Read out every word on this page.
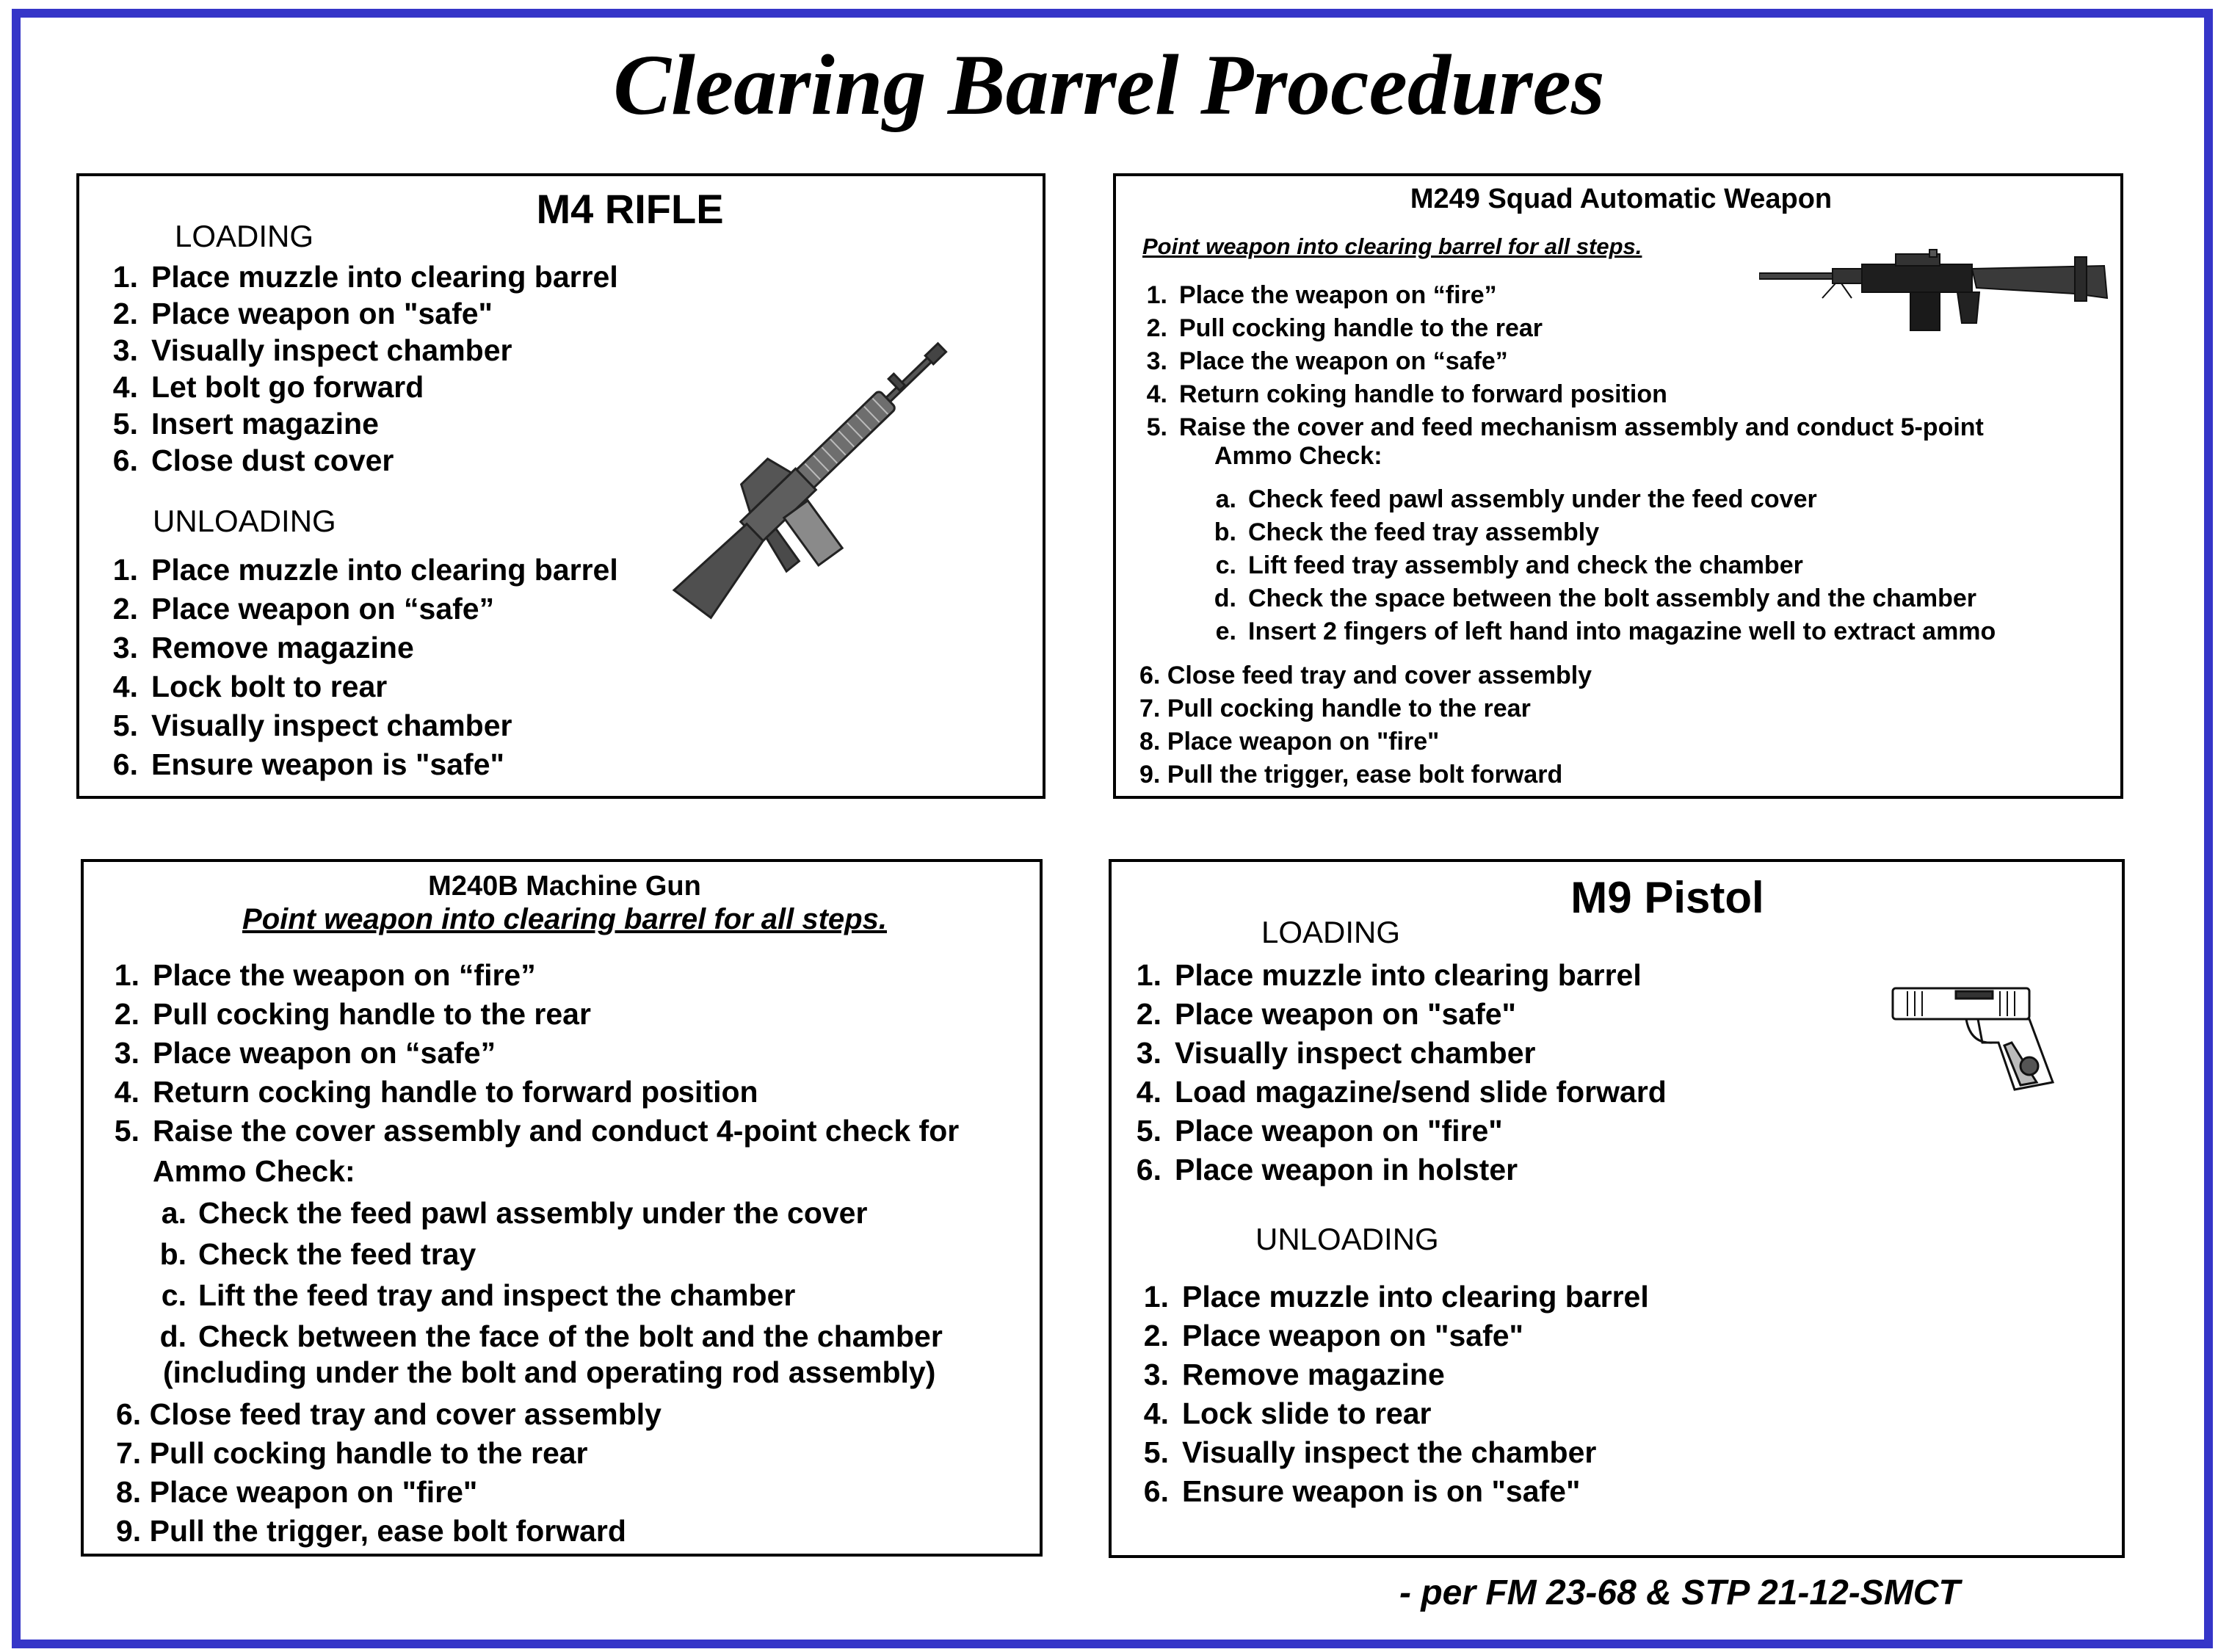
Clearing Barrel Procedures
M4 RIFLE
LOADING
1. Place muzzle into clearing barrel
2. Place weapon on "safe"
3. Visually inspect chamber
4. Let bolt go forward
5. Insert magazine
6. Close dust cover
UNLOADING
1. Place muzzle into clearing barrel
2. Place weapon on “safe”
3. Remove magazine
4. Lock bolt to rear
5. Visually inspect chamber
6. Ensure weapon is "safe"
M249 Squad Automatic Weapon
Point weapon into clearing barrel for all steps.
1. Place the weapon on “fire”
2. Pull cocking handle to the rear
3. Place the weapon on “safe”
4. Return coking handle to forward position
5. Raise the cover and feed mechanism assembly and conduct 5-point
Ammo Check:
a. Check feed pawl assembly under the feed cover
b. Check the feed tray assembly
c. Lift feed tray assembly and check the chamber
d. Check the space between the bolt assembly and the chamber
e. Insert 2 fingers of left hand into magazine well to extract ammo
6. Close feed tray and cover assembly
7. Pull cocking handle to the rear
8. Place weapon on "fire"
9. Pull the trigger, ease bolt forward
M240B Machine Gun
Point weapon into clearing barrel for all steps.
1. Place the weapon on “fire”
2. Pull cocking handle to the rear
3. Place weapon on “safe”
4. Return cocking handle to forward position
5. Raise the cover assembly and conduct 4-point check for
Ammo Check:
a. Check the feed pawl assembly under the cover
b. Check the feed tray
c. Lift the feed tray and inspect the chamber
d. Check between the face of the bolt and the chamber
(including under the bolt and operating rod assembly)
6. Close feed tray and cover assembly
7. Pull cocking handle to the rear
8. Place weapon on "fire"
9. Pull the trigger, ease bolt forward
M9 Pistol
LOADING
1. Place muzzle into clearing barrel
2. Place weapon on "safe"
3. Visually inspect chamber
4. Load magazine/send slide forward
5. Place weapon on "fire"
6. Place weapon in holster
UNLOADING
1. Place muzzle into clearing barrel
2. Place weapon on "safe"
3. Remove magazine
4. Lock slide to rear
5. Visually inspect the chamber
6. Ensure weapon is on "safe"
- per FM 23-68 & STP 21-12-SMCT
